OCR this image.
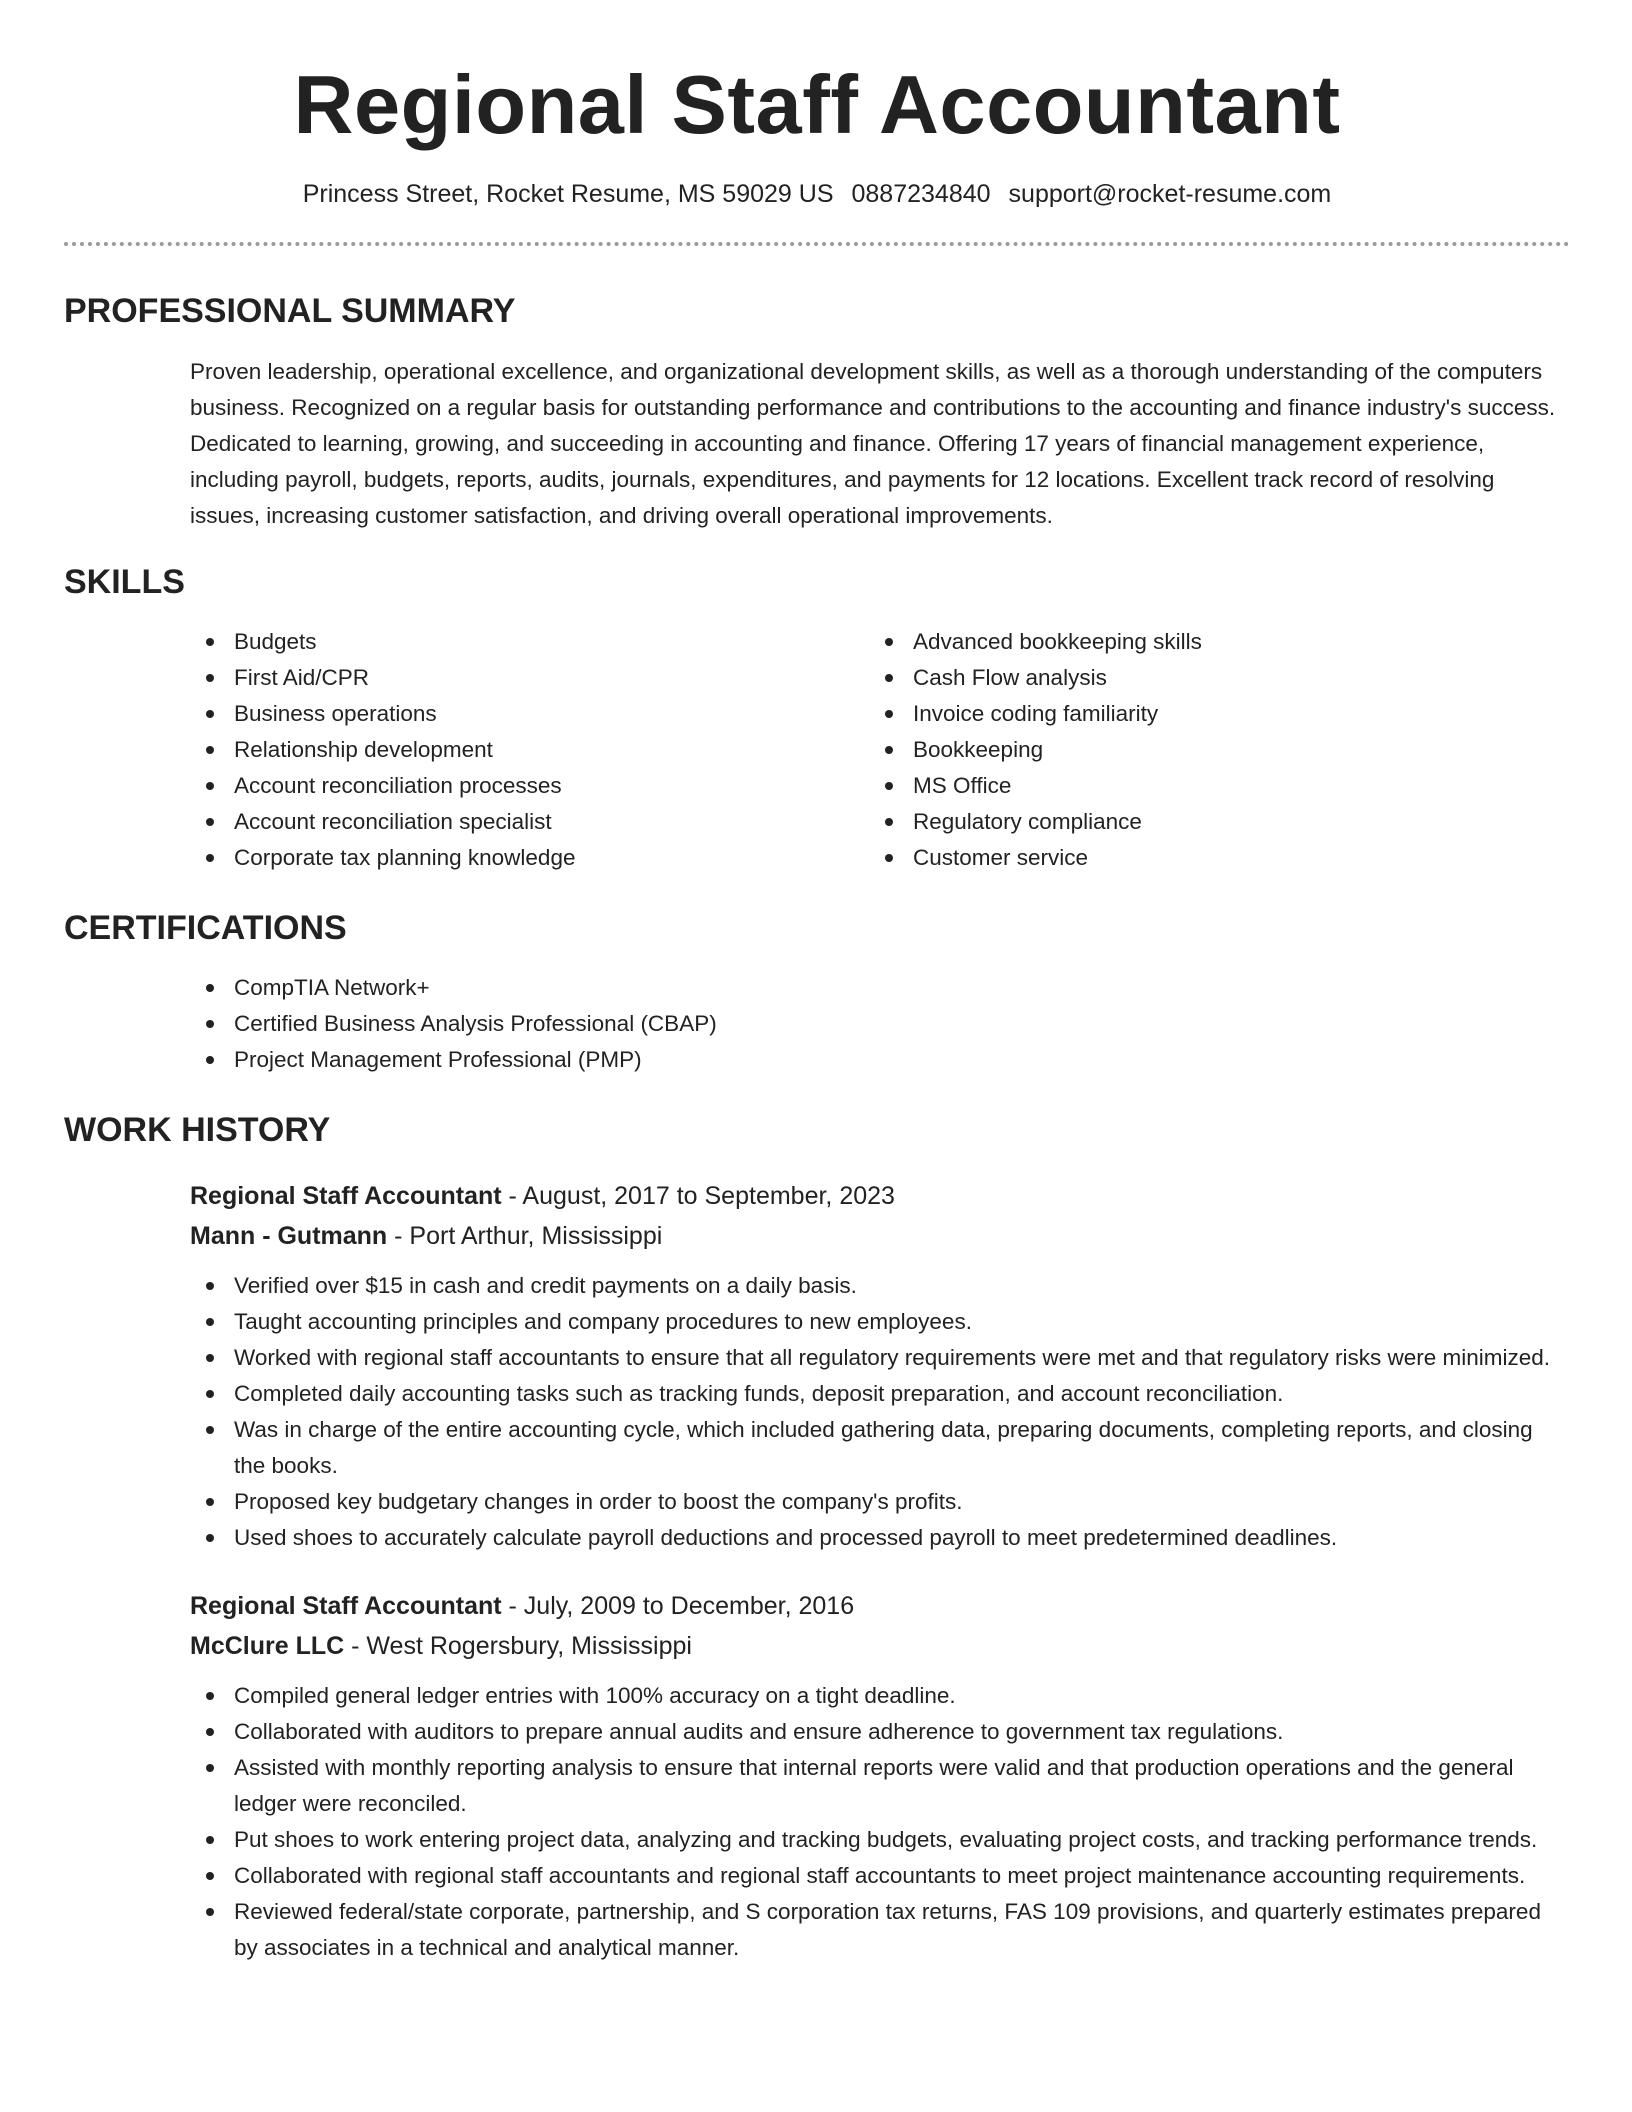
Regional Staff Accountant
Princess Street, Rocket Resume, MS 59029 US 0887234840 support@rocket-resume.com
PROFESSIONAL SUMMARY

Proven leadership, operational excellence, and organizational development skills, as well as a thorough understanding of the computers business. Recognized on a regular basis for outstanding performance and contributions to the accounting and finance industry's success. Dedicated to learning, growing, and succeeding in accounting and finance. Offering 17 years of financial management experience, including payroll, budgets, reports, audits, journals, expenditures, and payments for 12 locations. Excellent track record of resolving issues, increasing customer satisfaction, and driving overall operational improvements.

SKILLS
Budgets
First Aid/CPR
Business operations
Relationship development
Account reconciliation processes
Account reconciliation specialist
Corporate tax planning knowledge
Advanced bookkeeping skills
Cash Flow analysis
Invoice coding familiarity
Bookkeeping
MS Office
Regulatory compliance
Customer service
CERTIFICATIONS
CompTIA Network+
Certified Business Analysis Professional (CBAP)
Project Management Professional (PMP)
WORK HISTORY
Regional Staff Accountant - August, 2017 to September, 2023
Mann - Gutmann - Port Arthur, Mississippi
Verified over $15 in cash and credit payments on a daily basis.
Taught accounting principles and company procedures to new employees.
Worked with regional staff accountants to ensure that all regulatory requirements were met and that regulatory risks were minimized.
Completed daily accounting tasks such as tracking funds, deposit preparation, and account reconciliation.
Was in charge of the entire accounting cycle, which included gathering data, preparing documents, completing reports, and closing the books.
Proposed key budgetary changes in order to boost the company's profits.
Used shoes to accurately calculate payroll deductions and processed payroll to meet predetermined deadlines.
Regional Staff Accountant - July, 2009 to December, 2016
McClure LLC - West Rogersbury, Mississippi
Compiled general ledger entries with 100% accuracy on a tight deadline.
Collaborated with auditors to prepare annual audits and ensure adherence to government tax regulations.
Assisted with monthly reporting analysis to ensure that internal reports were valid and that production operations and the general ledger were reconciled.
Put shoes to work entering project data, analyzing and tracking budgets, evaluating project costs, and tracking performance trends.
Collaborated with regional staff accountants and regional staff accountants to meet project maintenance accounting requirements.
Reviewed federal/state corporate, partnership, and S corporation tax returns, FAS 109 provisions, and quarterly estimates prepared by associates in a technical and analytical manner.
